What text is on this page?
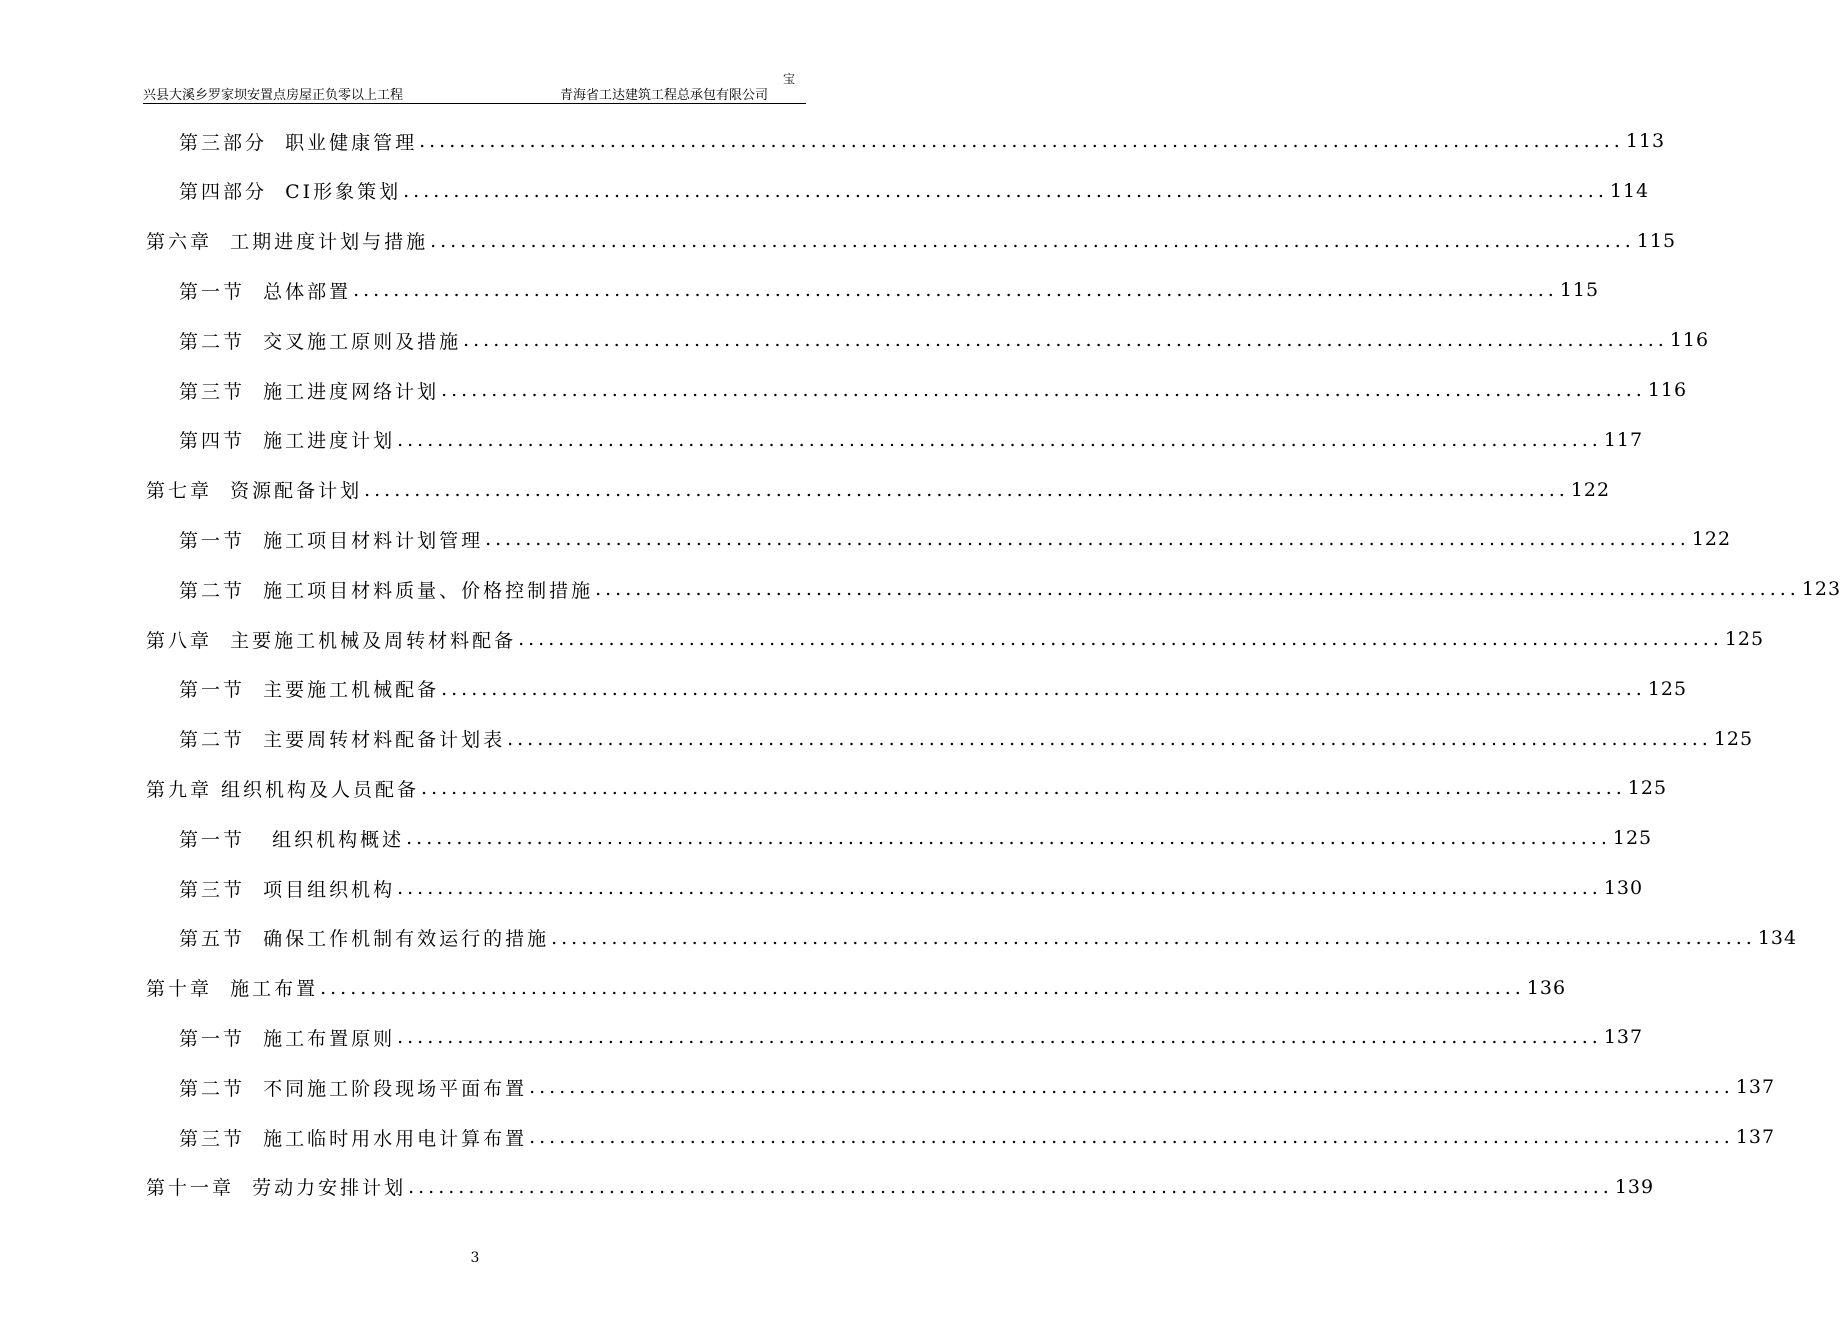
宝
兴县大溪乡罗家坝安置点房屋正负零以上工程	青海省工达建筑工程总承包有限公司
第三部分  职业健康管理 ........................................................................................................................ 113
第四部分  CI形象策划 ........................................................................................................................ 114
第六章  工期进度计划与措施 ........................................................................................................................ 115
第一节  总体部置 ........................................................................................................................ 115
第二节  交叉施工原则及措施 ........................................................................................................................ 116
第三节  施工进度网络计划 ........................................................................................................................ 116
第四节  施工进度计划 ........................................................................................................................ 117
第七章  资源配备计划 ........................................................................................................................ 122
第一节  施工项目材料计划管理 ........................................................................................................................ 122
第二节  施工项目材料质量、价格控制措施 ........................................................................................................................ 123
第八章  主要施工机械及周转材料配备 ........................................................................................................................ 125
第一节  主要施工机械配备 ........................................................................................................................ 125
第二节  主要周转材料配备计划表 ........................................................................................................................ 125
第九章 组织机构及人员配备 ........................................................................................................................ 125
第一节   组织机构概述 ........................................................................................................................ 125
第三节  项目组织机构 ........................................................................................................................ 130
第五节  确保工作机制有效运行的措施 ........................................................................................................................ 134
第十章  施工布置 ........................................................................................................................ 136
第一节  施工布置原则 ........................................................................................................................ 137
第二节  不同施工阶段现场平面布置 ........................................................................................................................ 137
第三节  施工临时用水用电计算布置 ........................................................................................................................ 137
第十一章  劳动力安排计划 ........................................................................................................................ 139
3
